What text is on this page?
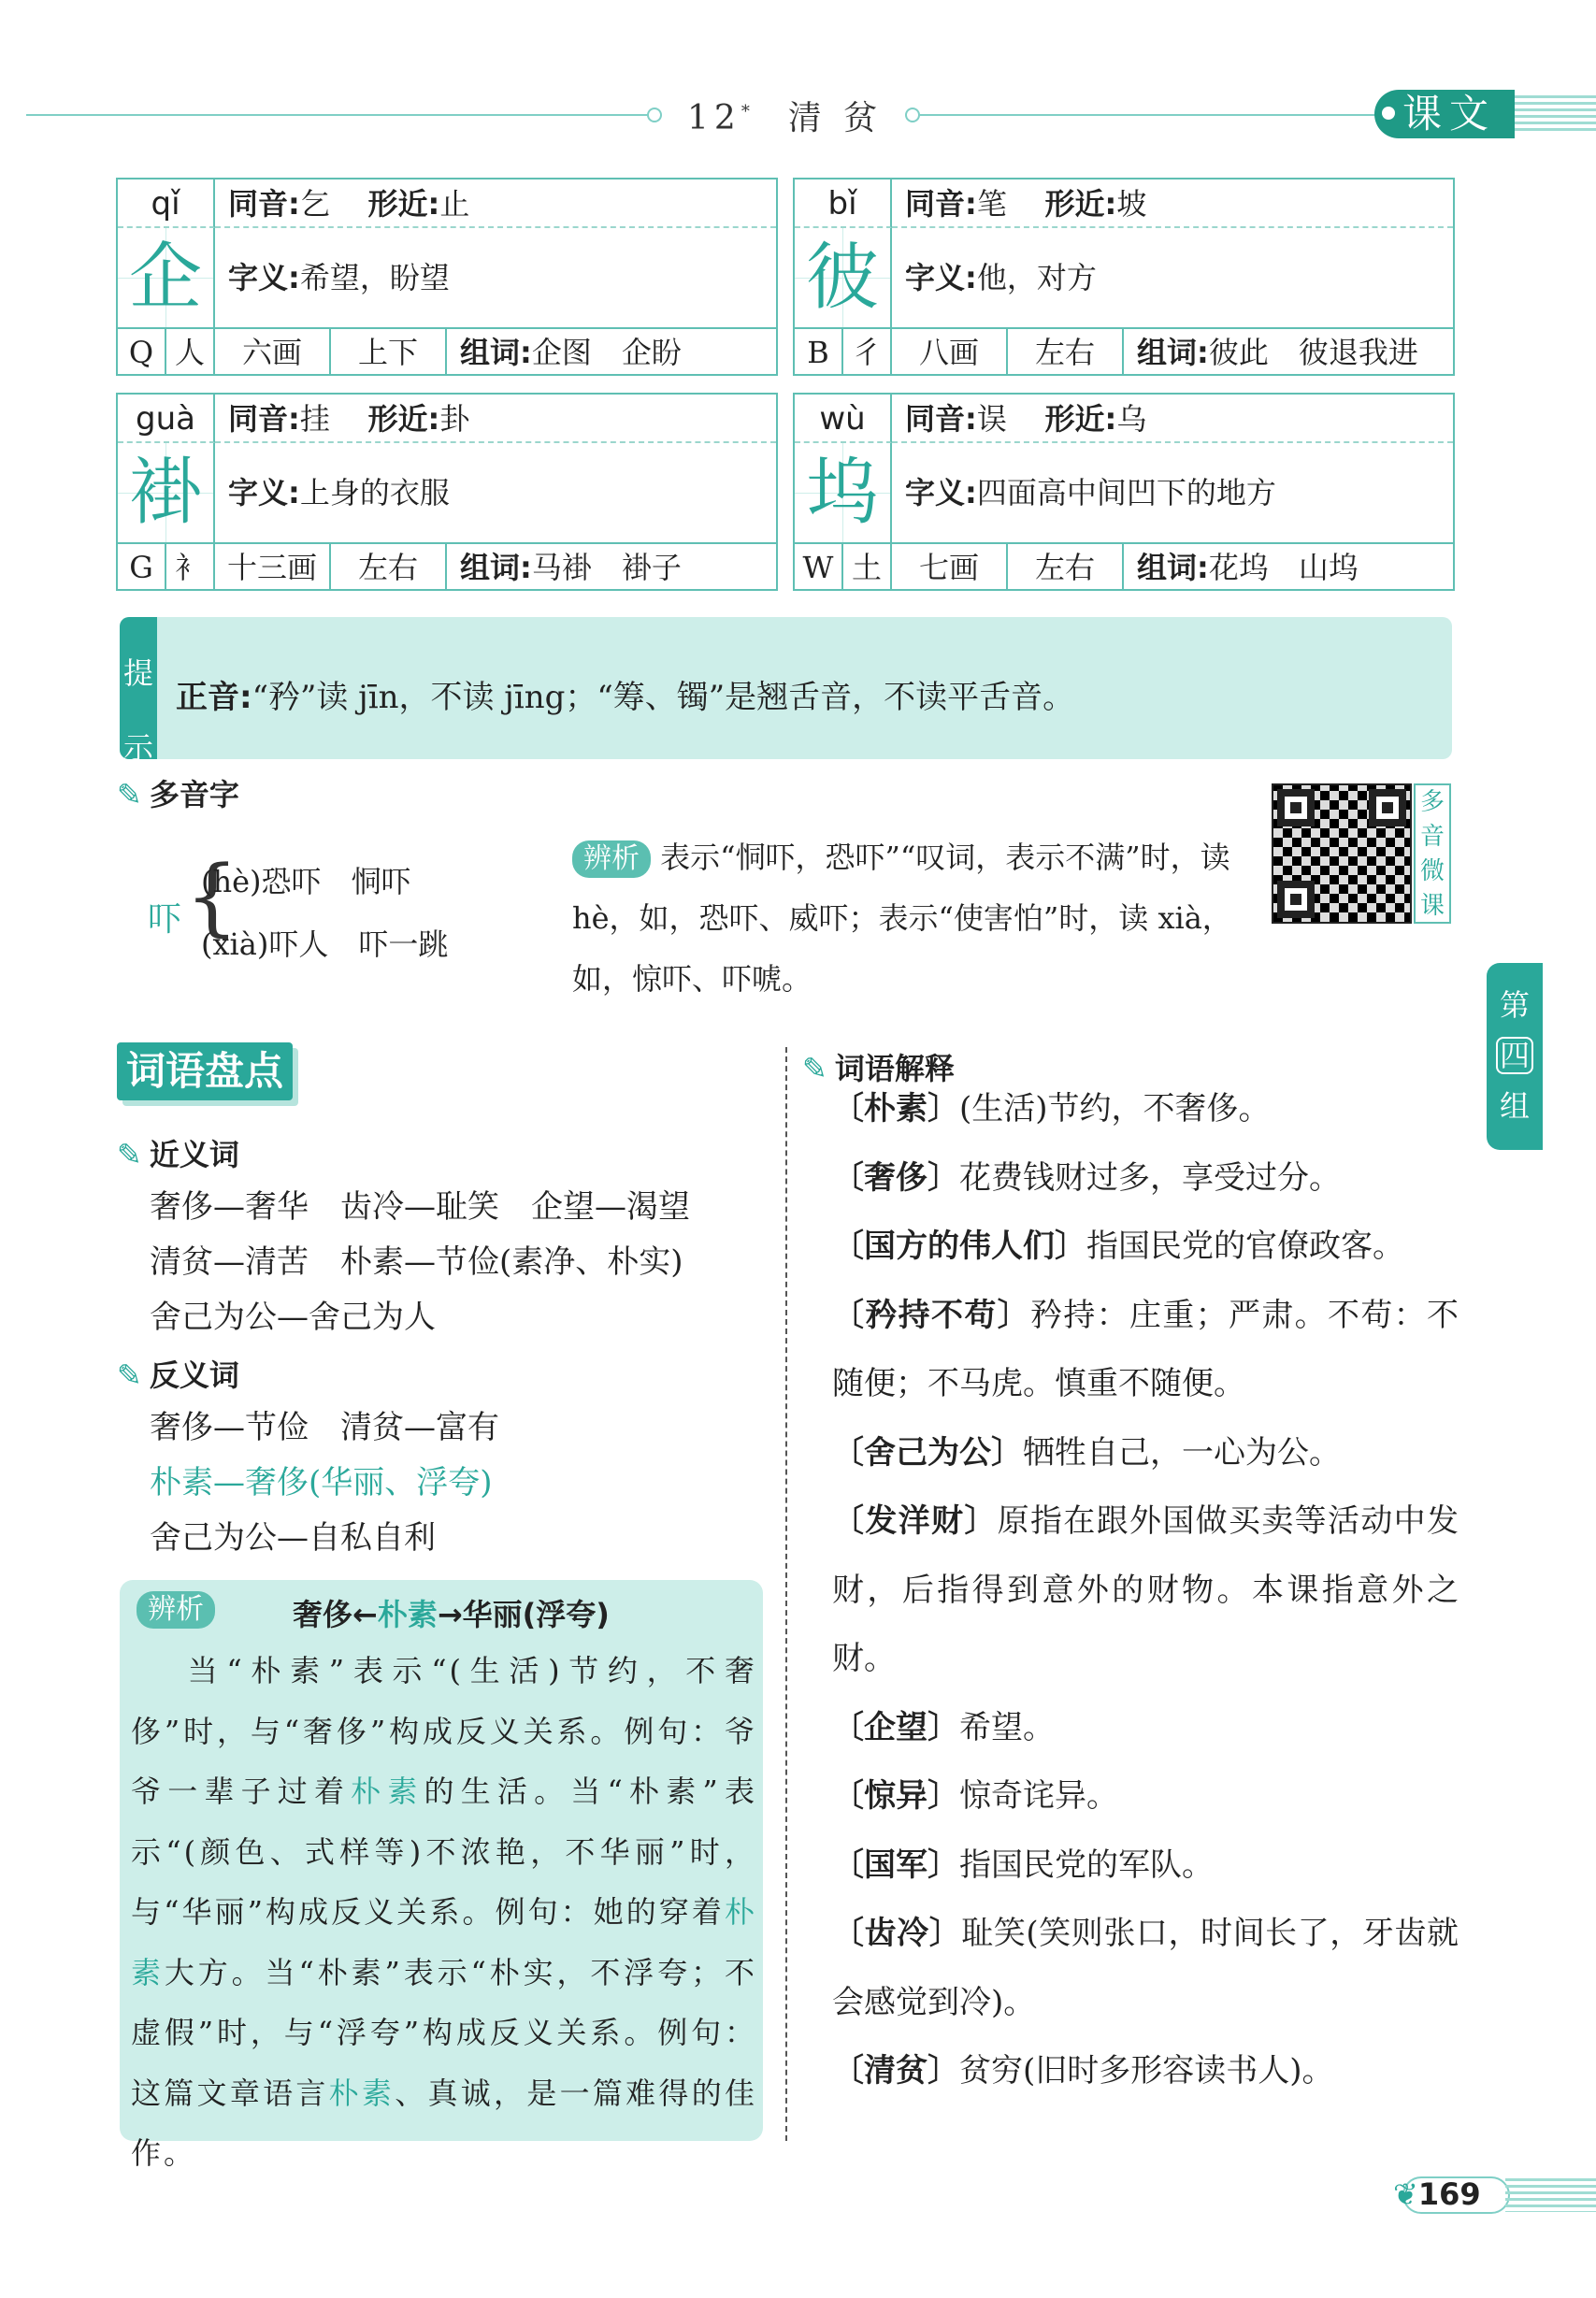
12* 清 贫	课文
qǐ
企
同音:乞 形近:止
字义:希望，盼望
Q 人	六画	上下	组词:企图　企盼
bǐ
彼
同音:笔 形近:坡
字义:他，对方
B 彳	八画	左右	组词:彼此　彼退我进
guà
褂
同音:挂 形近:卦
字义:上身的衣服
G 衤 十三画	左右	组词:马褂　褂子
wù
坞
同音:误 形近:乌
字义:四面高中间凹下的地方
W 土	七画	左右	组词:花坞　山坞
提
示
正音:“矜”读 jīn，不读 jīng；“筹、镯”是翘舌音，不读平舌音。
✎ 多音字
吓 {
(hè)恐吓　恫吓
(xià)吓人　吓一跳
辨析 表示“恫吓，恐吓”“叹词，表示不满”时，读 hè，如，恐吓、威吓；表示“使害怕”时，读 xià，如，惊吓、吓唬。
多
音
微
课
第
四
组
词语盘点
✎ 近义词
奢侈—奢华　齿冷—耻笑　企望—渴望
清贫—清苦　朴素—节俭(素净、朴实)
舍己为公—舍己为人
✎ 反义词
奢侈—节俭　清贫—富有
朴素—奢侈(华丽、浮夸)
舍己为公—自私自利
辨析	奢侈←朴素→华丽(浮夸)
  当“朴素”表示“(生活)节约，不奢侈”时，与“奢侈”构成反义关系。例句：爷爷一辈子过着朴素的生活。当“朴素”表示“(颜色、式样等)不浓艳，不华丽”时，与“华丽”构成反义关系。例句：她的穿着朴素大方。当“朴素”表示“朴实，不浮夸；不虚假”时，与“浮夸”构成反义关系。例句：这篇文章语言朴素、真诚，是一篇难得的佳作。
✎ 词语解释

〔朴素〕(生活)节约，不奢侈。

〔奢侈〕花费钱财过多，享受过分。

〔国方的伟人们〕指国民党的官僚政客。

〔矜持不苟〕矜持：庄重；严肃。不苟：不随便；不马虎。慎重不随便。

〔舍己为公〕牺牲自己，一心为公。

〔发洋财〕原指在跟外国做买卖等活动中发财，后指得到意外的财物。本课指意外之财。

〔企望〕希望。

〔惊异〕惊奇诧异。

〔国军〕指国民党的军队。

〔齿冷〕耻笑(笑则张口，时间长了，牙齿就会感觉到冷)。

〔清贫〕贫穷(旧时多形容读书人)。

❦169
